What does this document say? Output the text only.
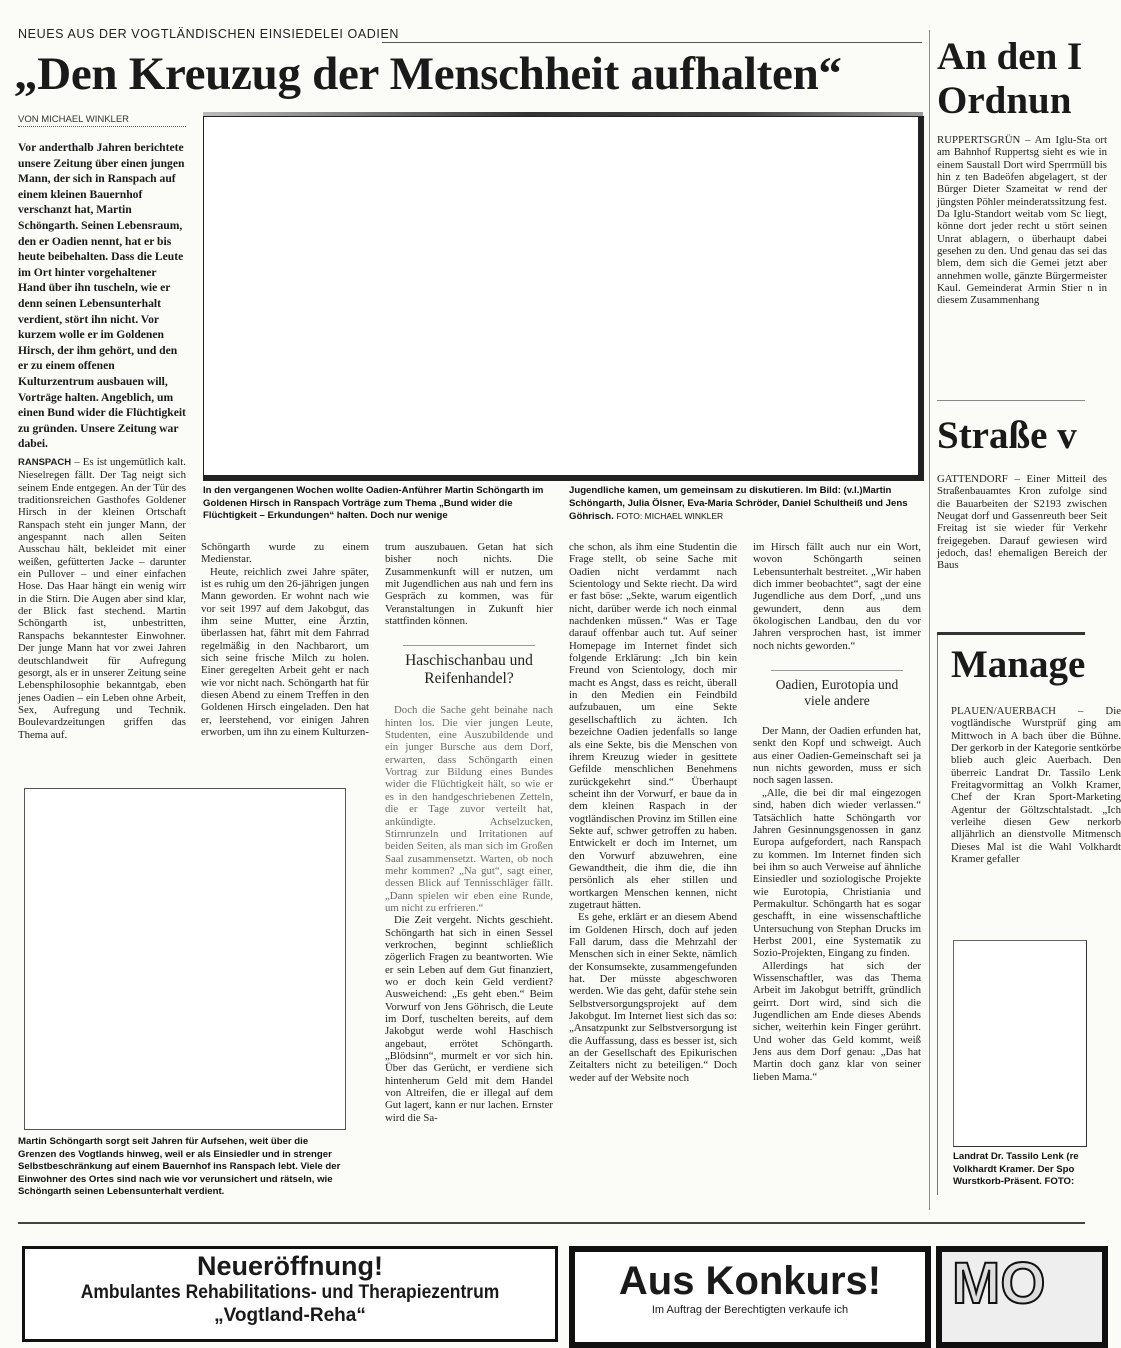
NEUES AUS DER VOGTLÄNDISCHEN EINSIEDELEI OADIEN
„Den Kreuzug der Menschheit aufhalten“
VON MICHAEL WINKLER
Vor anderthalb Jahren berichtete unsere Zeitung über einen jungen Mann, der sich in Ranspach auf einem kleinen Bauernhof verschanzt hat, Martin Schöngarth. Seinen Lebensraum, den er Oadien nennt, hat er bis heute beibehalten. Dass die Leute im Ort hinter vorgehaltener Hand über ihn tuscheln, wie er denn seinen Lebensunterhalt verdient, stört ihn nicht. Vor kurzem wolle er im Goldenen Hirsch, der ihm gehört, und den er zu einem offenen Kulturzentrum ausbauen will, Vorträge halten. Angeblich, um einen Bund wider die Flüchtigkeit zu gründen. Unsere Zeitung war dabei.
In den vergangenen Wochen wollte Oadien-Anführer Martin Schöngarth im Goldenen Hirsch in Ranspach Vorträge zum Thema „Bund wider die Flüchtigkeit – Erkundungen“ halten. Doch nur wenige
Jugendliche kamen, um gemeinsam zu diskutieren. Im Bild: (v.l.)Martin Schöngarth, Julia Ölsner, Eva-Maria Schröder, Daniel Schultheiß und Jens Göhrisch. FOTO: MICHAEL WINKLER

RANSPACH – Es ist ungemütlich kalt. Nieselregen fällt. Der Tag neigt sich seinem Ende entgegen. An der Tür des traditionsreichen Gasthofes Goldener Hirsch in der kleinen Ortschaft Ranspach steht ein junger Mann, der angespannt nach allen Seiten Ausschau hält, bekleidet mit einer weißen, gefütterten Jacke – darunter ein Pullover – und einer einfachen Hose. Das Haar hängt ein wenig wirr in die Stirn. Die Augen aber sind klar, der Blick fast stechend. Martin Schöngarth ist, unbestritten, Ranspachs bekanntester Einwohner. Der junge Mann hat vor zwei Jahren deutschlandweit für Aufregung gesorgt, als er in unserer Zeitung seine Lebensphilosophie bekanntgab, eben jenes Oadien – ein Leben ohne Arbeit, Sex, Aufregung und Technik. Boulevardzeitungen griffen das Thema auf.

Martin Schöngarth sorgt seit Jahren für Aufsehen, weit über die Grenzen des Vogtlands hinweg, weil er als Einsiedler und in strenger Selbstbeschränkung auf einem Bauernhof ins Ranspach lebt. Viele der Einwohner des Ortes sind nach wie vor verunsichert und rätseln, wie Schöngarth seinen Lebensunterhalt verdient.

Schöngarth wurde zu einem Medienstar.

Heute, reichlich zwei Jahre später, ist es ruhig um den 26-jährigen jungen Mann geworden. Er wohnt nach wie vor seit 1997 auf dem Jakobgut, das ihm seine Mutter, eine Ärztin, überlassen hat, fährt mit dem Fahrrad regelmäßig in den Nachbarort, um sich seine frische Milch zu holen. Einer geregelten Arbeit geht er nach wie vor nicht nach. Schöngarth hat für diesen Abend zu einem Treffen in den Goldenen Hirsch eingeladen. Den hat er, leerstehend, vor einigen Jahren erworben, um ihn zu einem Kulturzen-

trum auszubauen. Getan hat sich bisher noch nichts. Die Zusammenkunft will er nutzen, um mit Jugendlichen aus nah und fern ins Gespräch zu kommen, was für Veranstaltungen in Zukunft hier stattfinden können.

Haschischanbau und Reifenhandel?

Doch die Sache geht beinahe nach hinten los. Die vier jungen Leute, Studenten, eine Auszubildende und ein junger Bursche aus dem Dorf, erwarten, dass Schöngarth einen Vortrag zur Bildung eines Bundes wider die Flüchtigkeit hält, so wie er es in den handgeschriebenen Zetteln, die er Tage zuvor verteilt hat, ankündigte. Achselzucken, Stirnrunzeln und Irritationen auf beiden Seiten, als man sich im Großen Saal zusammensetzt. Warten, ob noch mehr kommen? „Na gut“, sagt einer, dessen Blick auf Tennisschläger fällt. „Dann spielen wir eben eine Runde, um nicht zu erfrieren.“

Die Zeit vergeht. Nichts geschieht. Schöngarth hat sich in einen Sessel verkrochen, beginnt schließlich zögerlich Fragen zu beantworten. Wie er sein Leben auf dem Gut finanziert, wo er doch kein Geld verdient? Ausweichend: „Es geht eben.“ Beim Vorwurf von Jens Göhrisch, die Leute im Dorf, tuschelten bereits, auf dem Jakobgut werde wohl Haschisch angebaut, errötet Schöngarth. „Blödsinn“, murmelt er vor sich hin. Über das Gerücht, er verdiene sich hintenherum Geld mit dem Handel von Altreifen, die er illegal auf dem Gut lagert, kann er nur lachen. Ernster wird die Sa-

che schon, als ihm eine Studentin die Frage stellt, ob seine Sache mit Oadien nicht verdammt nach Scientology und Sekte riecht. Da wird er fast böse: „Sekte, warum eigentlich nicht, darüber werde ich noch einmal nachdenken müssen.“ Was er Tage darauf offenbar auch tut. Auf seiner Homepage im Internet findet sich folgende Erklärung: „Ich bin kein Freund von Scientology, doch mir macht es Angst, dass es reicht, überall in den Medien ein Feindbild aufzubauen, um eine Sekte gesellschaftlich zu ächten. Ich bezeichne Oadien jedenfalls so lange als eine Sekte, bis die Menschen von ihrem Kreuzug wieder in gesittete Gefilde menschlichen Benehmens zurückgekehrt sind.“ Überhaupt scheint ihn der Vorwurf, er baue da in dem kleinen Raspach in der vogtländischen Provinz im Stillen eine Sekte auf, schwer getroffen zu haben. Entwickelt er doch im Internet, um den Vorwurf abzuwehren, eine Gewandtheit, die ihm die, die ihn persönlich als eher stillen und wortkargen Menschen kennen, nicht zugetraut hätten.

Es gehe, erklärt er an diesem Abend im Goldenen Hirsch, doch auf jeden Fall darum, dass die Mehrzahl der Menschen sich in einer Sekte, nämlich der Konsumsekte, zusammengefunden hat. Der müsste abgeschworen werden. Wie das geht, dafür stehe sein Selbstversorgungsprojekt auf dem Jakobgut. Im Internet liest sich das so: „Ansatzpunkt zur Selbstversorgung ist die Auffassung, dass es besser ist, sich an der Gesellschaft des Epikurischen Zeitalters nicht zu beteiligen.“ Doch weder auf der Website noch

im Hirsch fällt auch nur ein Wort, wovon Schöngarth seinen Lebensunterhalt bestreitet. „Wir haben dich immer beobachtet“, sagt der eine Jugendliche aus dem Dorf, „und uns gewundert, denn aus dem ökologischen Landbau, den du vor Jahren versprochen hast, ist immer noch nichts geworden.“

Oadien, Eurotopia und viele andere

Der Mann, der Oadien erfunden hat, senkt den Kopf und schweigt. Auch aus einer Oadien-Gemeinschaft sei ja nun nichts geworden, muss er sich noch sagen lassen.

„Alle, die bei dir mal eingezogen sind, haben dich wieder verlassen.“ Tatsächlich hatte Schöngarth vor Jahren Gesinnungsgenossen in ganz Europa aufgefordert, nach Ranspach zu kommen. Im Internet finden sich bei ihm so auch Verweise auf ähnliche Einsiedler und soziologische Projekte wie Eurotopia, Christiania und Permakultur. Schöngarth hat es sogar geschafft, in eine wissenschaftliche Untersuchung von Stephan Drucks im Herbst 2001, eine Systematik zu Sozio-Projekten, Eingang zu finden.

Allerdings hat sich der Wissenschaftler, was das Thema Arbeit im Jakobgut betrifft, gründlich geirrt. Dort wird, sind sich die Jugendlichen am Ende dieses Abends sicher, weiterhin kein Finger gerührt. Und woher das Geld kommt, weiß Jens aus dem Dorf genau: „Das hat Martin doch ganz klar von seiner lieben Mama.“

An den I
Ordnun

RUPPERTSGRÜN – Am Iglu-Sta ort am Bahnhof Ruppertsg sieht es wie in einem Saustall Dort wird Sperrmüll bis hin z ten Badeöfen abgelagert, st der Bürger Dieter Szameitat w rend der jüngsten Pöhler meinderatssitzung fest. Da Iglu-Standort weitab vom Sc liegt, könne dort jeder recht u stört seinen Unrat ablagern, o überhaupt dabei gesehen zu den. Und genau das sei das blem, dem sich die Gemei jetzt aber annehmen wolle, gänzte Bürgermeister Kaul. Gemeinderat Armin Stier n in diesem Zusammenhang

Straße v

GATTENDORF – Einer Mitteil des Straßenbauamtes Kron zufolge sind die Bauarbeiten der S2193 zwischen Neugat dorf und Gassenreuth beer Seit Freitag ist sie wieder für Verkehr freigegeben. Darauf gewiesen wird jedoch, das! ehemaligen Bereich der Baus

Manage

PLAUEN/AUERBACH – Die vogtländische Wurstprüf ging am Mittwoch in A bach über die Bühne. Der gerkorb in der Kategorie sentkörbe blieb auch gleic Auerbach. Den überreic Landrat Dr. Tassilo Lenk Freitagvormittag an Volkh Kramer, Chef der Kran Sport-Marketing Agentur der Göltzschtalstadt. „Ich verleihe diesen Gew nerkorb alljährlich an dienstvolle Mitmensch Dieses Mal ist die Wahl Volkhardt Kramer gefaller

Landrat Dr. Tassilo Lenk (re Volkhardt Kramer. Der Spo Wurstkorb-Präsent. FOTO:
Neueröffnung!
Ambulantes Rehabilitations- und Therapiezentrum
„Vogtland-Reha“
Aus Konkurs!
Im Auftrag der Berechtigten verkaufe ich	MO
